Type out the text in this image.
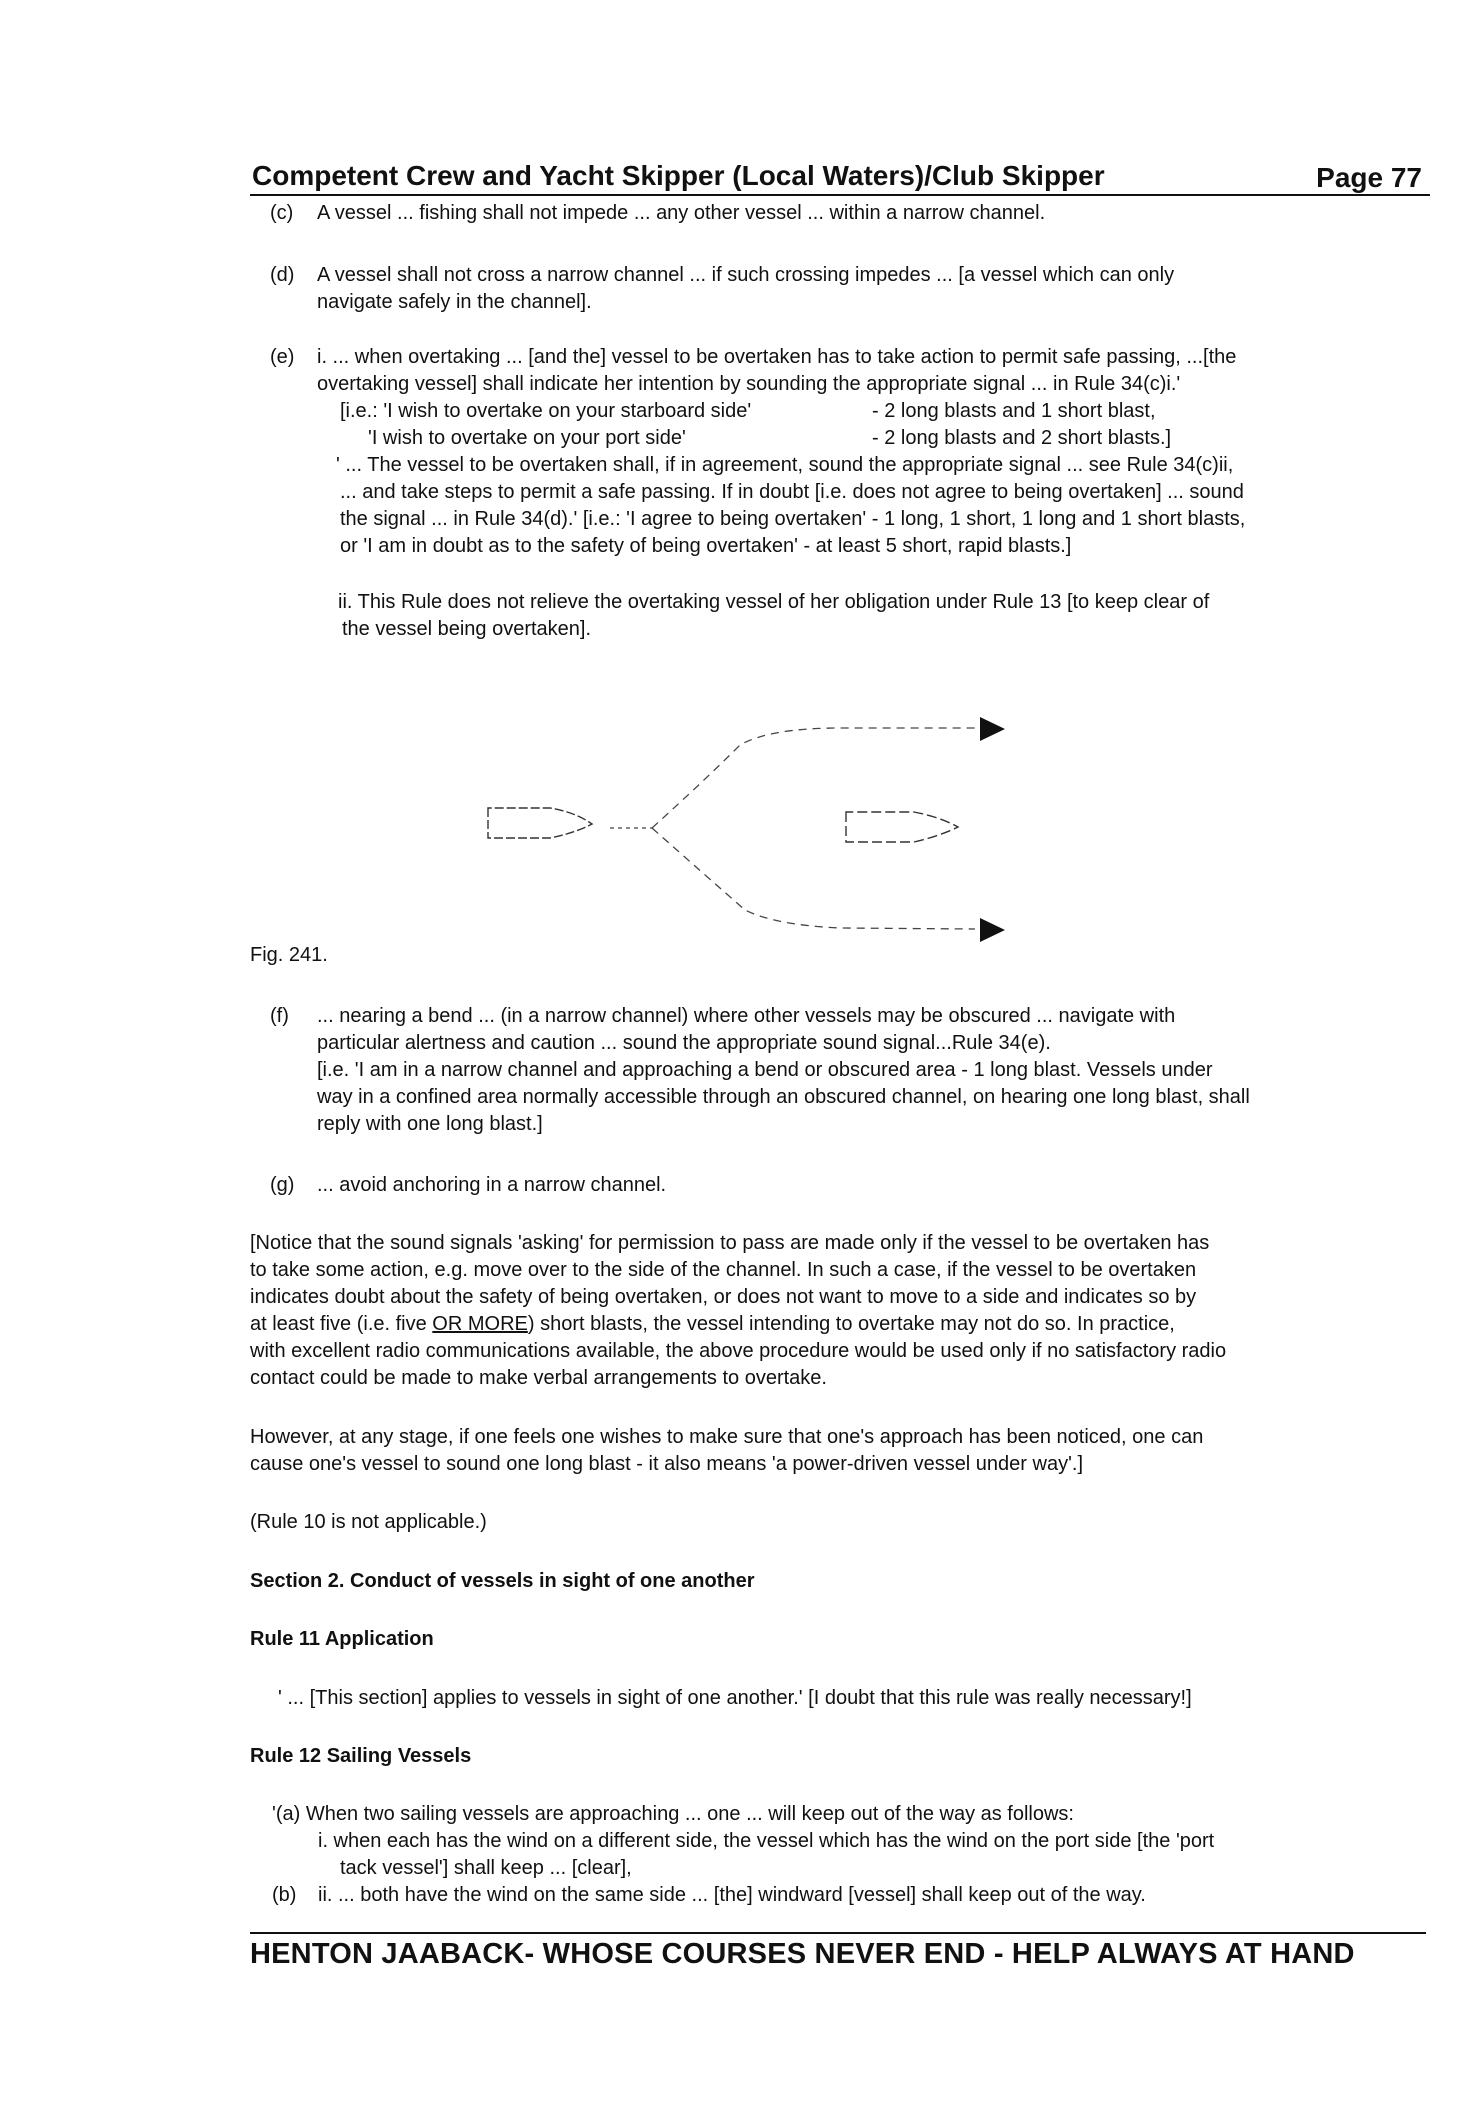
Competent Crew and Yacht Skipper (Local Waters)/Club Skipper	Page 77
(c) A vessel ... fishing shall not impede ... any other vessel ... within a narrow channel.
(d) A vessel shall not cross a narrow channel ... if such crossing impedes ... [a vessel which can only
navigate safely in the channel].
(e) i. ... when overtaking ... [and the] vessel to be overtaken has to take action to permit safe passing, ...[the
overtaking vessel] shall indicate her intention by sounding the appropriate signal ... in Rule 34(c)i.'
[i.e.: 'I wish to overtake on your starboard side'	- 2 long blasts and 1 short blast,
'I wish to overtake on your port side'	- 2 long blasts and 2 short blasts.]
' ... The vessel to be overtaken shall, if in agreement, sound the appropriate signal ... see Rule 34(c)ii,
... and take steps to permit a safe passing. If in doubt [i.e. does not agree to being overtaken] ... sound
the signal ... in Rule 34(d).' [i.e.: 'I agree to being overtaken' - 1 long, 1 short, 1 long and 1 short blasts,
or 'I am in doubt as to the safety of being overtaken' - at least 5 short, rapid blasts.]
ii. This Rule does not relieve the overtaking vessel of her obligation under Rule 13 [to keep clear of
the vessel being overtaken].
Fig. 241.
(f) ... nearing a bend ... (in a narrow channel) where other vessels may be obscured ... navigate with
particular alertness and caution ... sound the appropriate sound signal...Rule 34(e).
[i.e. 'I am in a narrow channel and approaching a bend or obscured area - 1 long blast. Vessels under
way in a confined area normally accessible through an obscured channel, on hearing one long blast, shall
reply with one long blast.]
(g) ... avoid anchoring in a narrow channel.
[Notice that the sound signals 'asking' for permission to pass are made only if the vessel to be overtaken has
to take some action, e.g. move over to the side of the channel. In such a case, if the vessel to be overtaken
indicates doubt about the safety of being overtaken, or does not want to move to a side and indicates so by
at least five (i.e. five OR MORE) short blasts, the vessel intending to overtake may not do so. In practice,
with excellent radio communications available, the above procedure would be used only if no satisfactory radio
contact could be made to make verbal arrangements to overtake.
However, at any stage, if one feels one wishes to make sure that one's approach has been noticed, one can
cause one's vessel to sound one long blast - it also means 'a power-driven vessel under way'.]
(Rule 10 is not applicable.)
Section 2. Conduct of vessels in sight of one another
Rule 11 Application
' ... [This section] applies to vessels in sight of one another.' [I doubt that this rule was really necessary!]
Rule 12 Sailing Vessels
'(a) When two sailing vessels are approaching ... one ... will keep out of the way as follows:
i. when each has the wind on a different side, the vessel which has the wind on the port side [the 'port
tack vessel'] shall keep ... [clear],
(b) ii. ... both have the wind on the same side ... [the] windward [vessel] shall keep out of the way.
HENTON JAABACK- WHOSE COURSES NEVER END - HELP ALWAYS AT HAND
